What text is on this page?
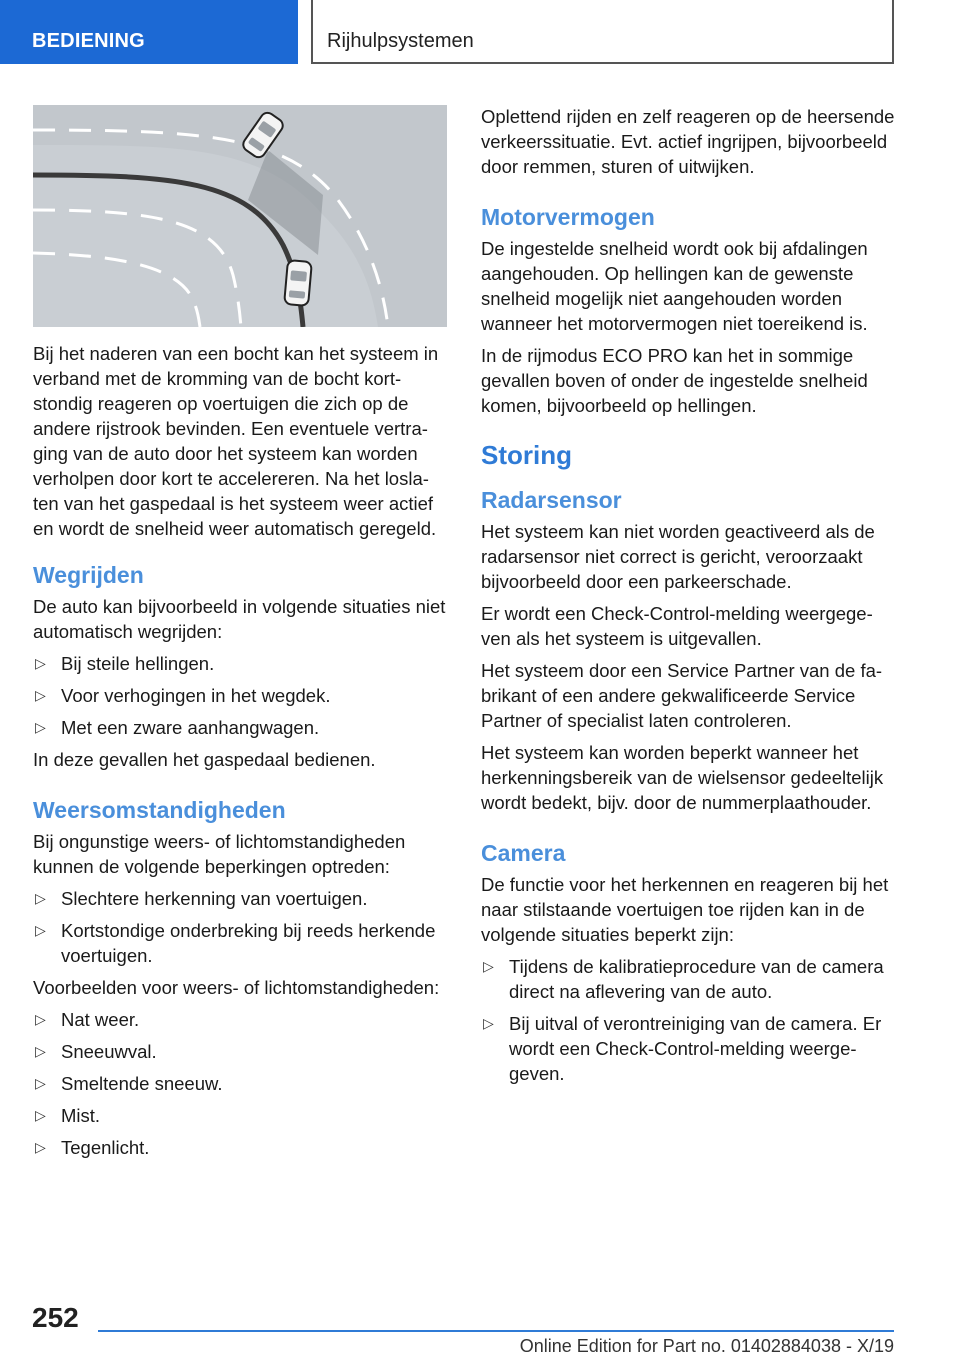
BEDIENING	Rijhulpsystemen

Bij het naderen van een bocht kan het systeem in verband met de kromming van de bocht kortstondig reageren op voertuigen die zich op de andere rijstrook bevinden. Een eventuele vertraging van de auto door het systeem kan worden verholpen door kort te accelereren. Na het loslaten van het gaspedaal is het systeem weer actief en wordt de snelheid weer automatisch geregeld.

Wegrijden

De auto kan bijvoorbeeld in volgende situaties niet automatisch wegrijden:

▷ Bij steile hellingen.
▷ Voor verhogingen in het wegdek.
▷ Met een zware aanhangwagen.

In deze gevallen het gaspedaal bedienen.

Weersomstandigheden

Bij ongunstige weers- of lichtomstandigheden kunnen de volgende beperkingen optreden:

▷ Slechtere herkenning van voertuigen.
▷ Kortstondige onderbreking bij reeds herkende voertuigen.

Voorbeelden voor weers- of lichtomstandigheden:

▷ Nat weer.
▷ Sneeuwval.
▷ Smeltende sneeuw.
▷ Mist.
▷ Tegenlicht.

Oplettend rijden en zelf reageren op de heersende verkeerssituatie. Evt. actief ingrijpen, bijvoorbeeld door remmen, sturen of uitwijken.

Motorvermogen

De ingestelde snelheid wordt ook bij afdalingen aangehouden. Op hellingen kan de gewenste snelheid mogelijk niet aangehouden worden wanneer het motorvermogen niet toereikend is.

In de rijmodus ECO PRO kan het in sommige gevallen boven of onder de ingestelde snelheid komen, bijvoorbeeld op hellingen.

Storing
Radarsensor

Het systeem kan niet worden geactiveerd als de radarsensor niet correct is gericht, veroorzaakt bijvoorbeeld door een parkeerschade.

Er wordt een Check-Control-melding weergegeven als het systeem is uitgevallen.

Het systeem door een Service Partner van de fabrikant of een andere gekwalificeerde Service Partner of specialist laten controleren.

Het systeem kan worden beperkt wanneer het herkenningsbereik van de wielsensor gedeeltelijk wordt bedekt, bijv. door de nummerplaathouder.

Camera

De functie voor het herkennen en reageren bij het naar stilstaande voertuigen toe rijden kan in de volgende situaties beperkt zijn:

▷ Tijdens de kalibratieprocedure van de camera direct na aflevering van de auto.
▷ Bij uitval of verontreiniging van de camera. Er wordt een Check-Control-melding weergegeven.
252
Online Edition for Part no. 01402884038 - X/19
